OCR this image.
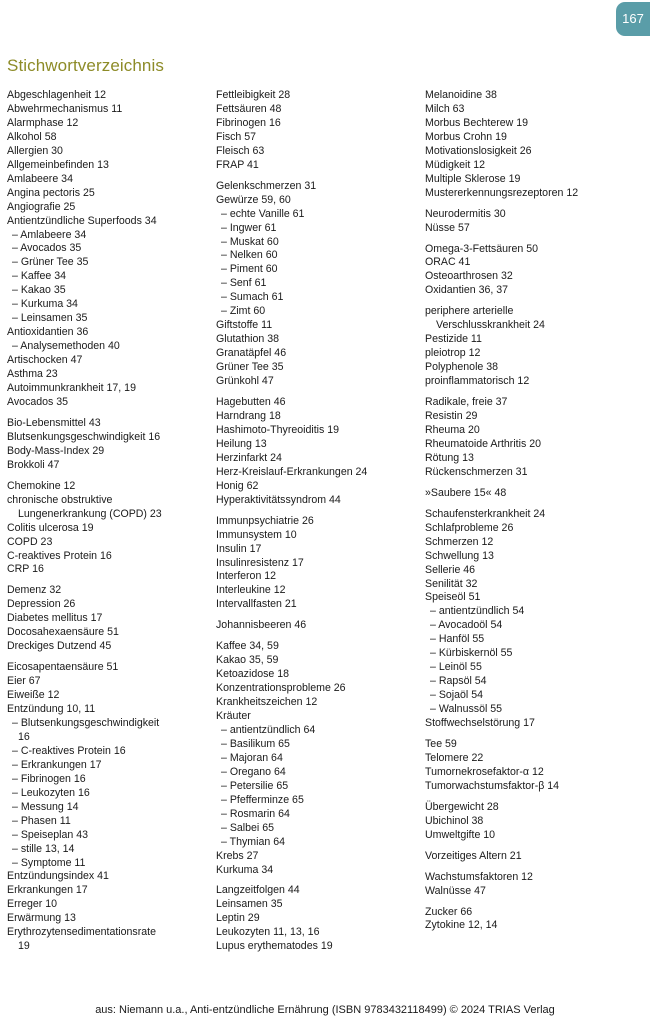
167
Stichwortverzeichnis
Abgeschlagenheit 12
Abwehrmechanismus 11
Alarmphase 12
Alkohol 58
Allergien 30
Allgemeinbefinden 13
Amlabeere 34
Angina pectoris 25
Angiografie 25
Antientzündliche Superfoods 34
– Amlabeere 34
– Avocados 35
– Grüner Tee 35
– Kaffee 34
– Kakao 35
– Kurkuma 34
– Leinsamen 35
Antioxidantien 36
– Analysemethoden 40
Artischocken 47
Asthma 23
Autoimmunkrankheit 17, 19
Avocados 35
Bio-Lebensmittel 43
Blutsenkungsgeschwindigkeit 16
Body-Mass-Index 29
Brokkoli 47
Chemokine 12
chronische obstruktive
Lungenerkrankung (COPD) 23
Colitis ulcerosa 19
COPD 23
C-reaktives Protein 16
CRP 16
Demenz 32
Depression 26
Diabetes mellitus 17
Docosahexaensäure 51
Dreckiges Dutzend 45
Eicosapentaensäure 51
Eier 67
Eiweiße 12
Entzündung 10, 11
– Blutsenkungsgeschwindigkeit
16
– C-reaktives Protein 16
– Erkrankungen 17
– Fibrinogen 16
– Leukozyten 16
– Messung 14
– Phasen 11
– Speiseplan 43
– stille 13, 14
– Symptome 11
Entzündungsindex 41
Erkrankungen 17
Erreger 10
Erwärmung 13
Erythrozytensedimentationsrate
19
Fettleibigkeit 28
Fettsäuren 48
Fibrinogen 16
Fisch 57
Fleisch 63
FRAP 41
Gelenkschmerzen 31
Gewürze 59, 60
– echte Vanille 61
– Ingwer 61
– Muskat 60
– Nelken 60
– Piment 60
– Senf 61
– Sumach 61
– Zimt 60
Giftstoffe 11
Glutathion 38
Granatäpfel 46
Grüner Tee 35
Grünkohl 47
Hagebutten 46
Harndrang 18
Hashimoto-Thyreoiditis 19
Heilung 13
Herzinfarkt 24
Herz-Kreislauf-Erkrankungen 24
Honig 62
Hyperaktivitätssyndrom 44
Immunpsychiatrie 26
Immunsystem 10
Insulin 17
Insulinresistenz 17
Interferon 12
Interleukine 12
Intervallfasten 21
Johannisbeeren 46
Kaffee 34, 59
Kakao 35, 59
Ketoazidose 18
Konzentrationsprobleme 26
Krankheitszeichen 12
Kräuter
– antientzündlich 64
– Basilikum 65
– Majoran 64
– Oregano 64
– Petersilie 65
– Pfefferminze 65
– Rosmarin 64
– Salbei 65
– Thymian 64
Krebs 27
Kurkuma 34
Langzeitfolgen 44
Leinsamen 35
Leptin 29
Leukozyten 11, 13, 16
Lupus erythematodes 19
Melanoidine 38
Milch 63
Morbus Bechterew 19
Morbus Crohn 19
Motivationslosigkeit 26
Müdigkeit 12
Multiple Sklerose 19
Mustererkennungsrezeptoren 12
Neurodermitis 30
Nüsse 57
Omega-3-Fettsäuren 50
ORAC 41
Osteoarthrosen 32
Oxidantien 36, 37
periphere arterielle
Verschlusskrankheit 24
Pestizide 11
pleiotrop 12
Polyphenole 38
proinflammatorisch 12
Radikale, freie 37
Resistin 29
Rheuma 20
Rheumatoide Arthritis 20
Rötung 13
Rückenschmerzen 31
»Saubere 15« 48
Schaufensterkrankheit 24
Schlafprobleme 26
Schmerzen 12
Schwellung 13
Sellerie 46
Senilität 32
Speiseöl 51
– antientzündlich 54
– Avocadoöl 54
– Hanföl 55
– Kürbiskernöl 55
– Leinöl 55
– Rapsöl 54
– Sojaöl 54
– Walnussöl 55
Stoffwechselstörung 17
Tee 59
Telomere 22
Tumornekrosefaktor-α 12
Tumorwachstumsfaktor-β 14
Übergewicht 28
Ubichinol 38
Umweltgifte 10
Vorzeitiges Altern 21
Wachstumsfaktoren 12
Walnüsse 47
Zucker 66
Zytokine 12, 14
aus: Niemann u.a., Anti-entzündliche Ernährung (ISBN 9783432118499) © 2024 TRIAS Verlag
